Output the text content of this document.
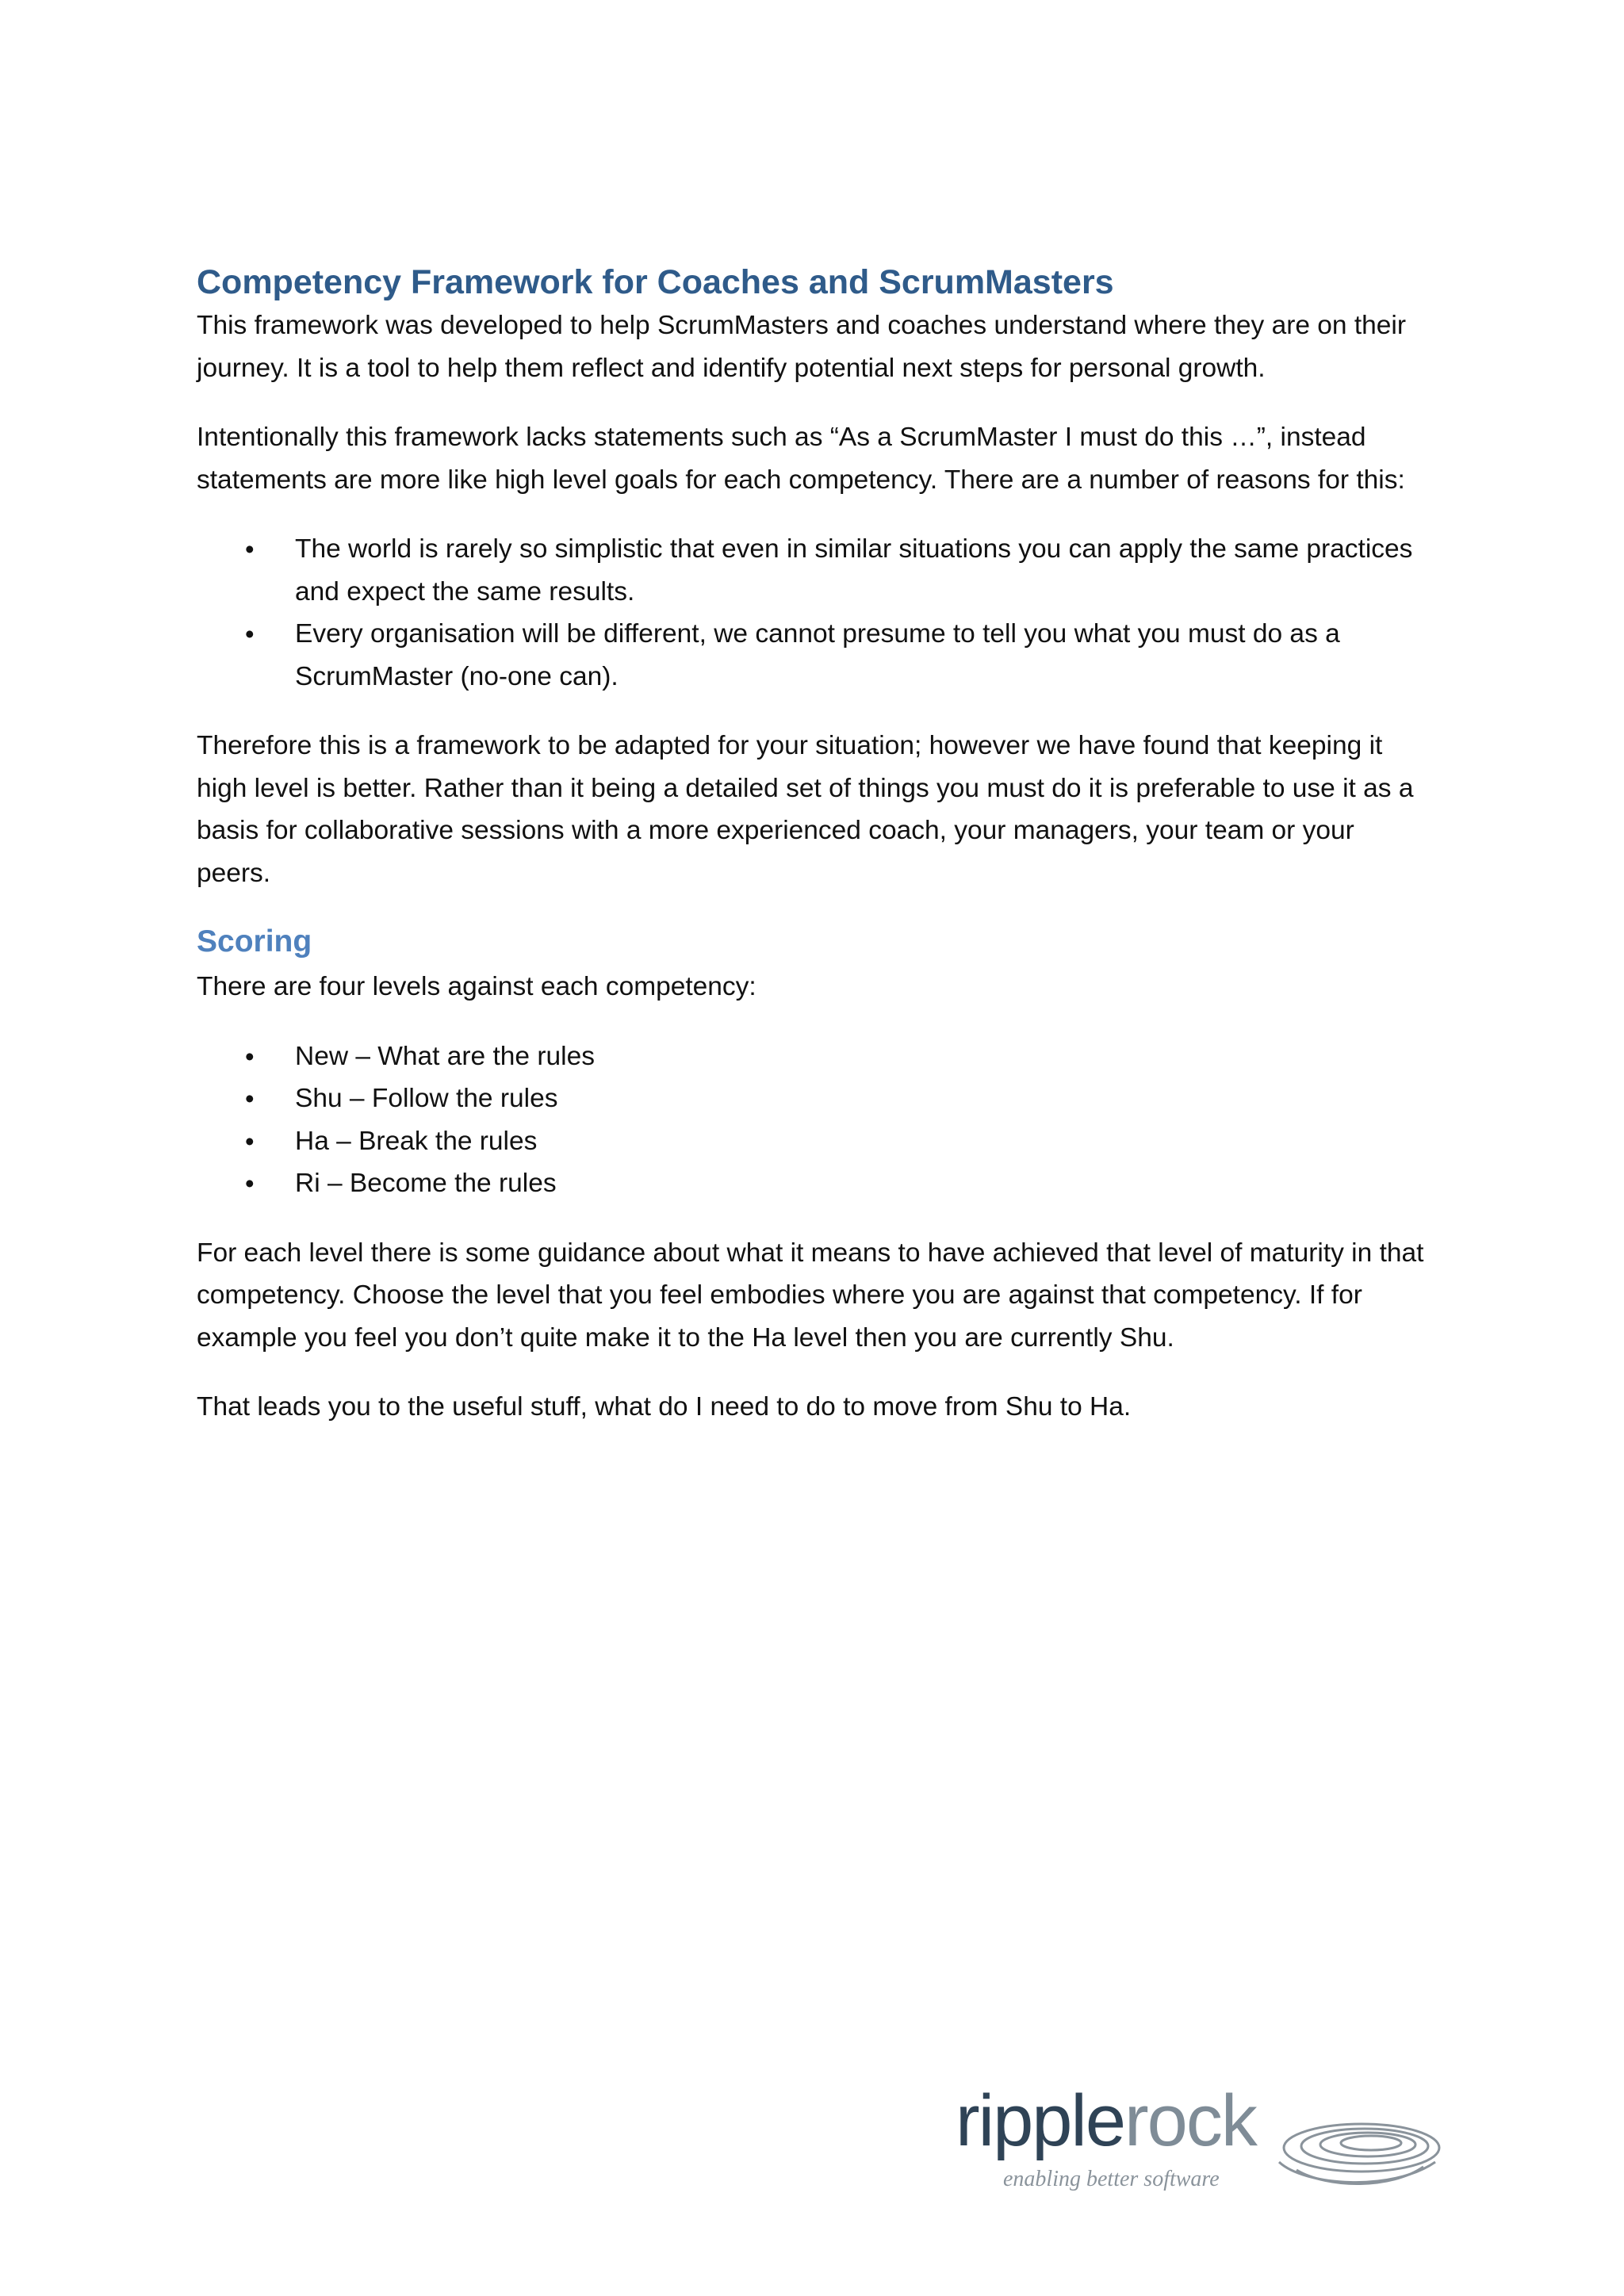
Competency Framework for Coaches and ScrumMasters

This framework was developed to help ScrumMasters and coaches understand where they are on their journey. It is a tool to help them reflect and identify potential next steps for personal growth.

Intentionally this framework lacks statements such as “As a ScrumMaster I must do this …”, instead statements are more like high level goals for each competency. There are a number of reasons for this:

• The world is rarely so simplistic that even in similar situations you can apply the same practices and expect the same results.
• Every organisation will be different, we cannot presume to tell you what you must do as a ScrumMaster (no-one can).

Therefore this is a framework to be adapted for your situation; however we have found that keeping it high level is better. Rather than it being a detailed set of things you must do it is preferable to use it as a basis for collaborative sessions with a more experienced coach, your managers, your team or your peers.

Scoring

There are four levels against each competency:

• New – What are the rules
• Shu – Follow the rules
• Ha – Break the rules
• Ri – Become the rules

For each level there is some guidance about what it means to have achieved that level of maturity in that competency. Choose the level that you feel embodies where you are against that competency. If for example you feel you don’t quite make it to the Ha level then you are currently Shu.

That leads you to the useful stuff, what do I need to do to move from Shu to Ha.

ripplerock
enabling better software
